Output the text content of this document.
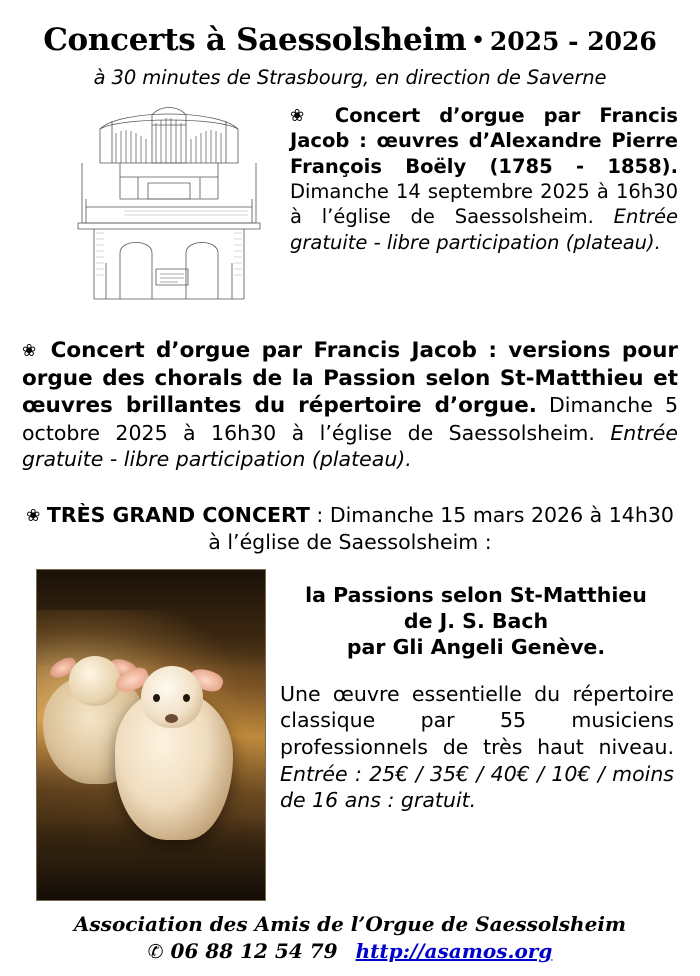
Concerts à Saessolsheim • 2025 - 2026
à 30 minutes de Strasbourg, en direction de Saverne
❀ Concert d’orgue par Francis Jacob : œuvres d’Alexandre Pierre François Boëly (1785 - 1858). Dimanche 14 septembre 2025 à 16h30 à l’église de Saessolsheim. Entrée gratuite - libre participation (plateau).
❀ Concert d’orgue par Francis Jacob : versions pour orgue des chorals de la Passion selon St-Matthieu et œuvres brillantes du répertoire d’orgue. Dimanche 5 octobre 2025 à 16h30 à l’église de Saessolsheim. Entrée gratuite - libre participation (plateau).
❀ TRÈS GRAND CONCERT : Dimanche 15 mars 2026 à 14h30 à l’église de Saessolsheim :
la Passions selon St-Matthieu
de J. S. Bach
par Gli Angeli Genève.
Une œuvre essentielle du répertoire classique par 55 musiciens professionnels de très haut niveau. Entrée : 25€ / 35€ / 40€ / 10€ / moins de 16 ans : gratuit.
Association des Amis de l’Orgue de Saessolsheim
✆ 06 88 12 54 79 http://asamos.org
